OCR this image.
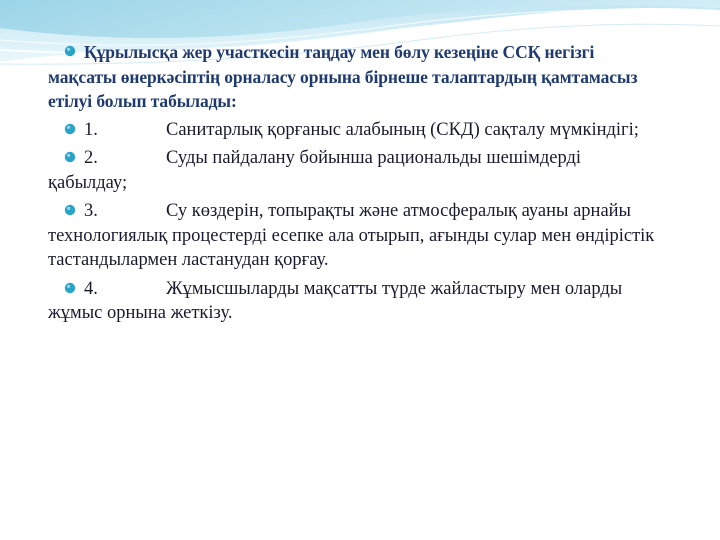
Құрылысқа жер участкесін таңдау мен бөлу кезеңіне ССҚ негізгі мақсаты өнеркәсіптің орналасу орнына бірнеше талаптардың қамтамасыз етілуі болып табылады:

1.	Санитарлық қорғаныс алабының (СКД) сақталу мүмкіндігі;

2.	Суды пайдалану бойынша рациональды шешімдерді қабылдау;

3.	Су көздерін, топырақты және атмосфералық ауаны арнайы технологиялық процестерді есепке ала отырып, ағынды сулар мен өндірістік тастандылармен ластанудан қорғау.

4.	Жұмысшыларды мақсатты түрде жайластыру мен оларды жұмыс орнына жеткізу.
